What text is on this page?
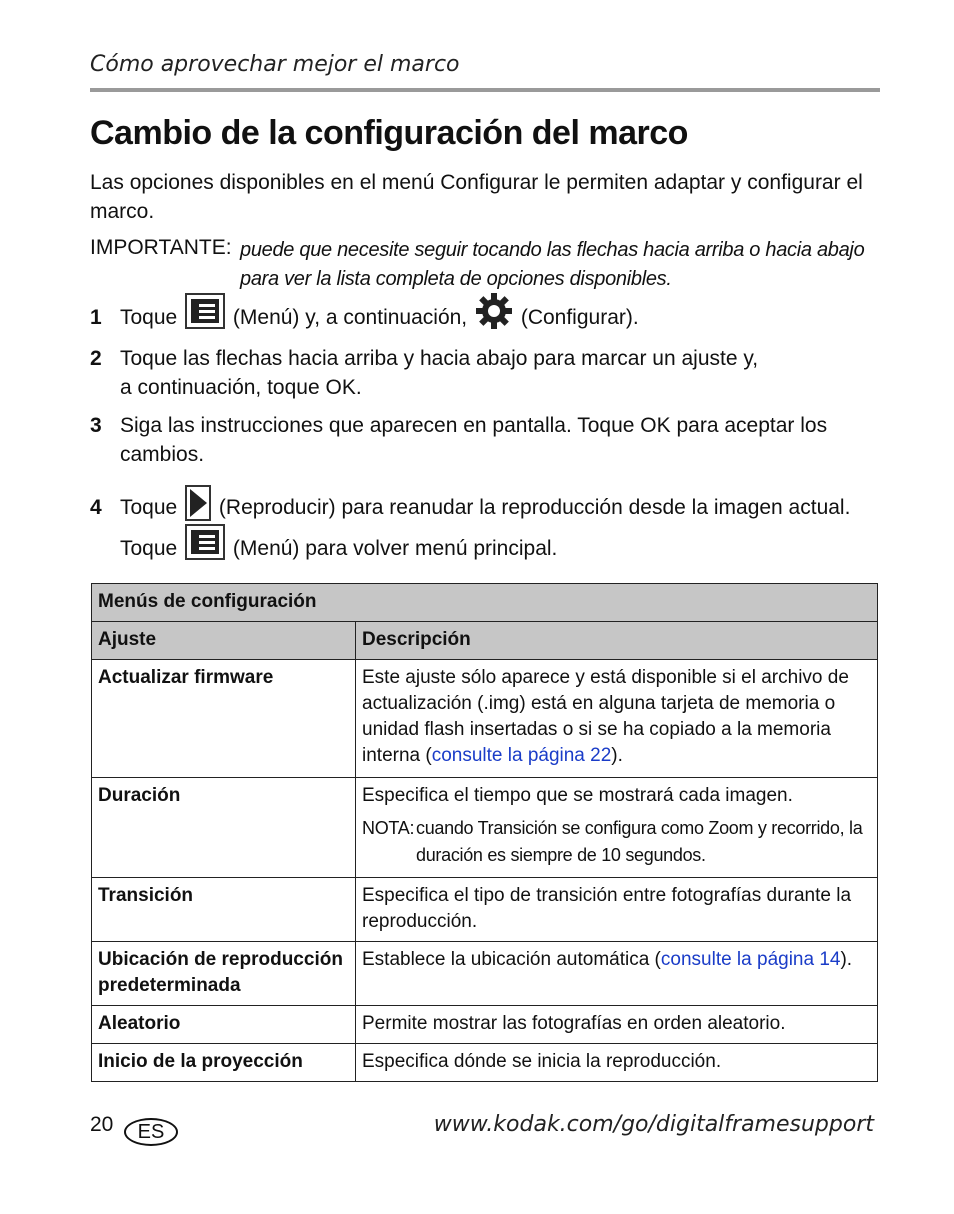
Cómo aprovechar mejor el marco
Cambio de la configuración del marco

Las opciones disponibles en el menú Configurar le permiten adaptar y configurar el marco.

IMPORTANTE: puede que necesite seguir tocando las flechas hacia arriba o hacia abajo para ver la lista completa de opciones disponibles.
1 Toque	(Menú) y, a continuación,	(Configurar).
2 Toque las flechas hacia arriba y hacia abajo para marcar un ajuste y,
a continuación, toque OK.
3 Siga las instrucciones que aparecen en pantalla. Toque OK para aceptar los
cambios.
4 Toque (Reproducir) para reanudar la reproducción desde la imagen actual.
Toque	(Menú) para volver menú principal.
Menús de configuración	
Ajuste	Descripción
Actualizar firmware	Este ajuste sólo aparece y está disponible si el archivo de actualización (.img) está en alguna tarjeta de memoria o unidad flash insertadas o si se ha copiado a la memoria interna (consulte la página 22).
Duración	Especifica el tiempo que se mostrará cada imagen.
NOTA: cuando Transición se configura como Zoom y recorrido, la duración es siempre de 10 segundos.

Transición	Especifica el tipo de transición entre fotografías durante la reproducción.
Ubicación de reproducción predeterminada	Establece la ubicación automática (consulte la página 14).
Aleatorio	Permite mostrar las fotografías en orden aleatorio.
Inicio de la proyección	Especifica dónde se inicia la reproducción.
20	ES	www.kodak.com/go/digitalframesupport
